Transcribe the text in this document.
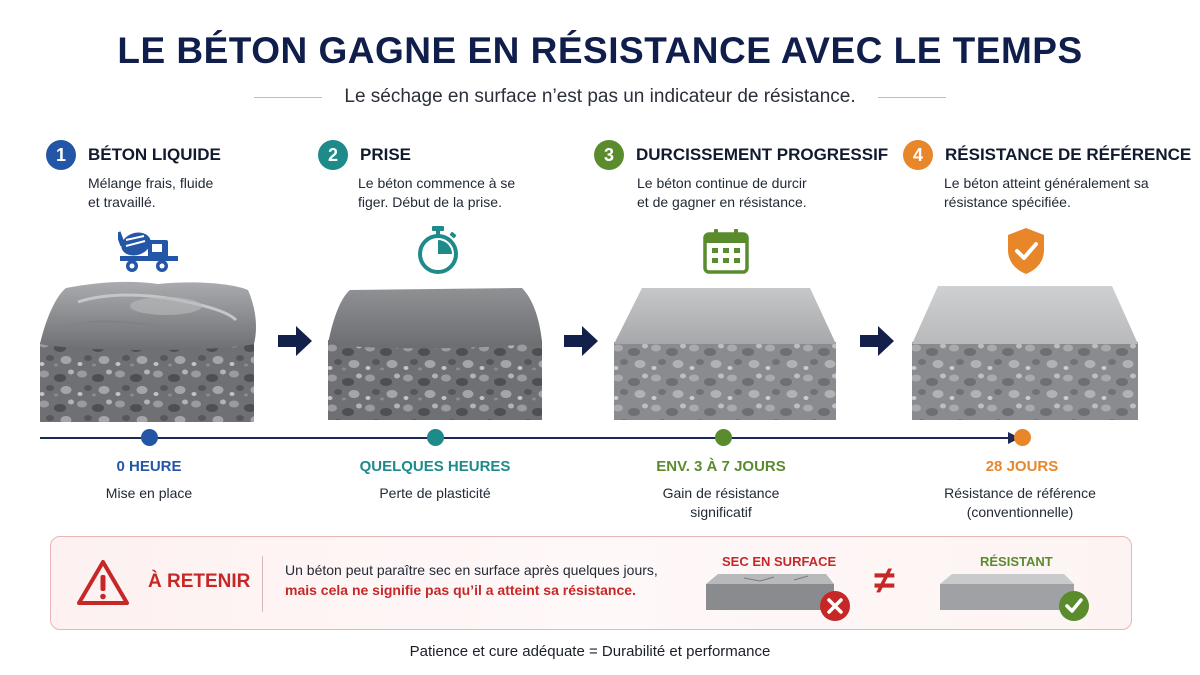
LE BÉTON GAGNE EN RÉSISTANCE AVEC LE TEMPS
Le séchage en surface n’est pas un indicateur de résistance.
1	BÉTON LIQUIDE
Mélange frais, fluide
et travaillé.
2	PRISE
Le béton commence à se
figer. Début de la prise.
3	DURCISSEMENT PROGRESSIF
Le béton continue de durcir
et de gagner en résistance.
4	RÉSISTANCE DE RÉFÉRENCE
Le béton atteint généralement sa
résistance spécifiée.
0 HEURE
Mise en place
QUELQUES HEURES
Perte de plasticité
ENV. 3 À 7 JOURS
Gain de résistance
significatif
28 JOURS
Résistance de référence
(conventionnelle)
À RETENIR
Un béton peut paraître sec en surface après quelques jours,
mais cela ne signifie pas qu’il a atteint sa résistance.
SEC EN SURFACE ≠	RÉSISTANT
Patience et cure adéquate = Durabilité et performance
